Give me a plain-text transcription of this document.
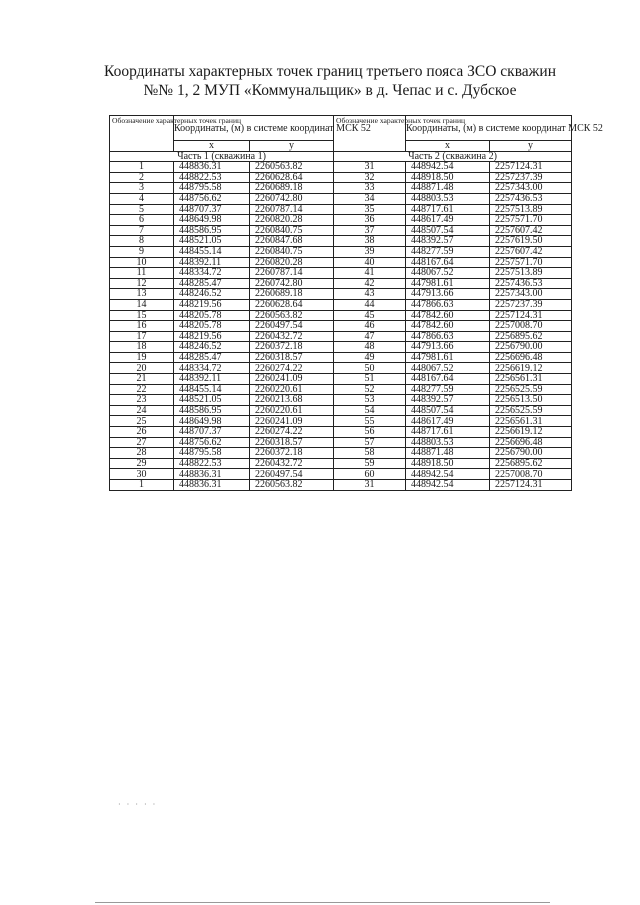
Координаты характерных точек границ третьего пояса ЗСО скважин
№№ 1, 2 МУП «Коммунальщик» в д. Чепас и с. Дубское
Обозначение характерных точек границ	Координаты, (м) в системе координат МСК 52		Обозначение характерных точек границ	Координаты, (м) в системе координат МСК 52	
	х	у		х	у
Часть 1 (скважина 1)			Часть 2 (скважина 2)		
1	448836.31	2260563.82	31	448942.54	2257124.31
2	448822.53	2260628.64	32	448918.50	2257237.39
3	448795.58	2260689.18	33	448871.48	2257343.00
4	448756.62	2260742.80	34	448803.53	2257436.53
5	448707.37	2260787.14	35	448717.61	2257513.89
6	448649.98	2260820.28	36	448617.49	2257571.70
7	448586.95	2260840.75	37	448507.54	2257607.42
8	448521.05	2260847.68	38	448392.57	2257619.50
9	448455.14	2260840.75	39	448277.59	2257607.42
10	448392.11	2260820.28	40	448167.64	2257571.70
11	448334.72	2260787.14	41	448067.52	2257513.89
12	448285.47	2260742.80	42	447981.61	2257436.53
13	448246.52	2260689.18	43	447913.66	2257343.00
14	448219.56	2260628.64	44	447866.63	2257237.39
15	448205.78	2260563.82	45	447842.60	2257124.31
16	448205.78	2260497.54	46	447842.60	2257008.70
17	448219.56	2260432.72	47	447866.63	2256895.62
18	448246.52	2260372.18	48	447913.66	2256790.00
19	448285.47	2260318.57	49	447981.61	2256696.48
20	448334.72	2260274.22	50	448067.52	2256619.12
21	448392.11	2260241.09	51	448167.64	2256561.31
22	448455.14	2260220.61	52	448277.59	2256525.59
23	448521.05	2260213.68	53	448392.57	2256513.50
24	448586.95	2260220.61	54	448507.54	2256525.59
25	448649.98	2260241.09	55	448617.49	2256561.31
26	448707.37	2260274.22	56	448717.61	2256619.12
27	448756.62	2260318.57	57	448803.53	2256696.48
28	448795.58	2260372.18	58	448871.48	2256790.00
29	448822.53	2260432.72	59	448918.50	2256895.62
30	448836.31	2260497.54	60	448942.54	2257008.70
1	448836.31	2260563.82	31	448942.54	2257124.31
· · · · ·
